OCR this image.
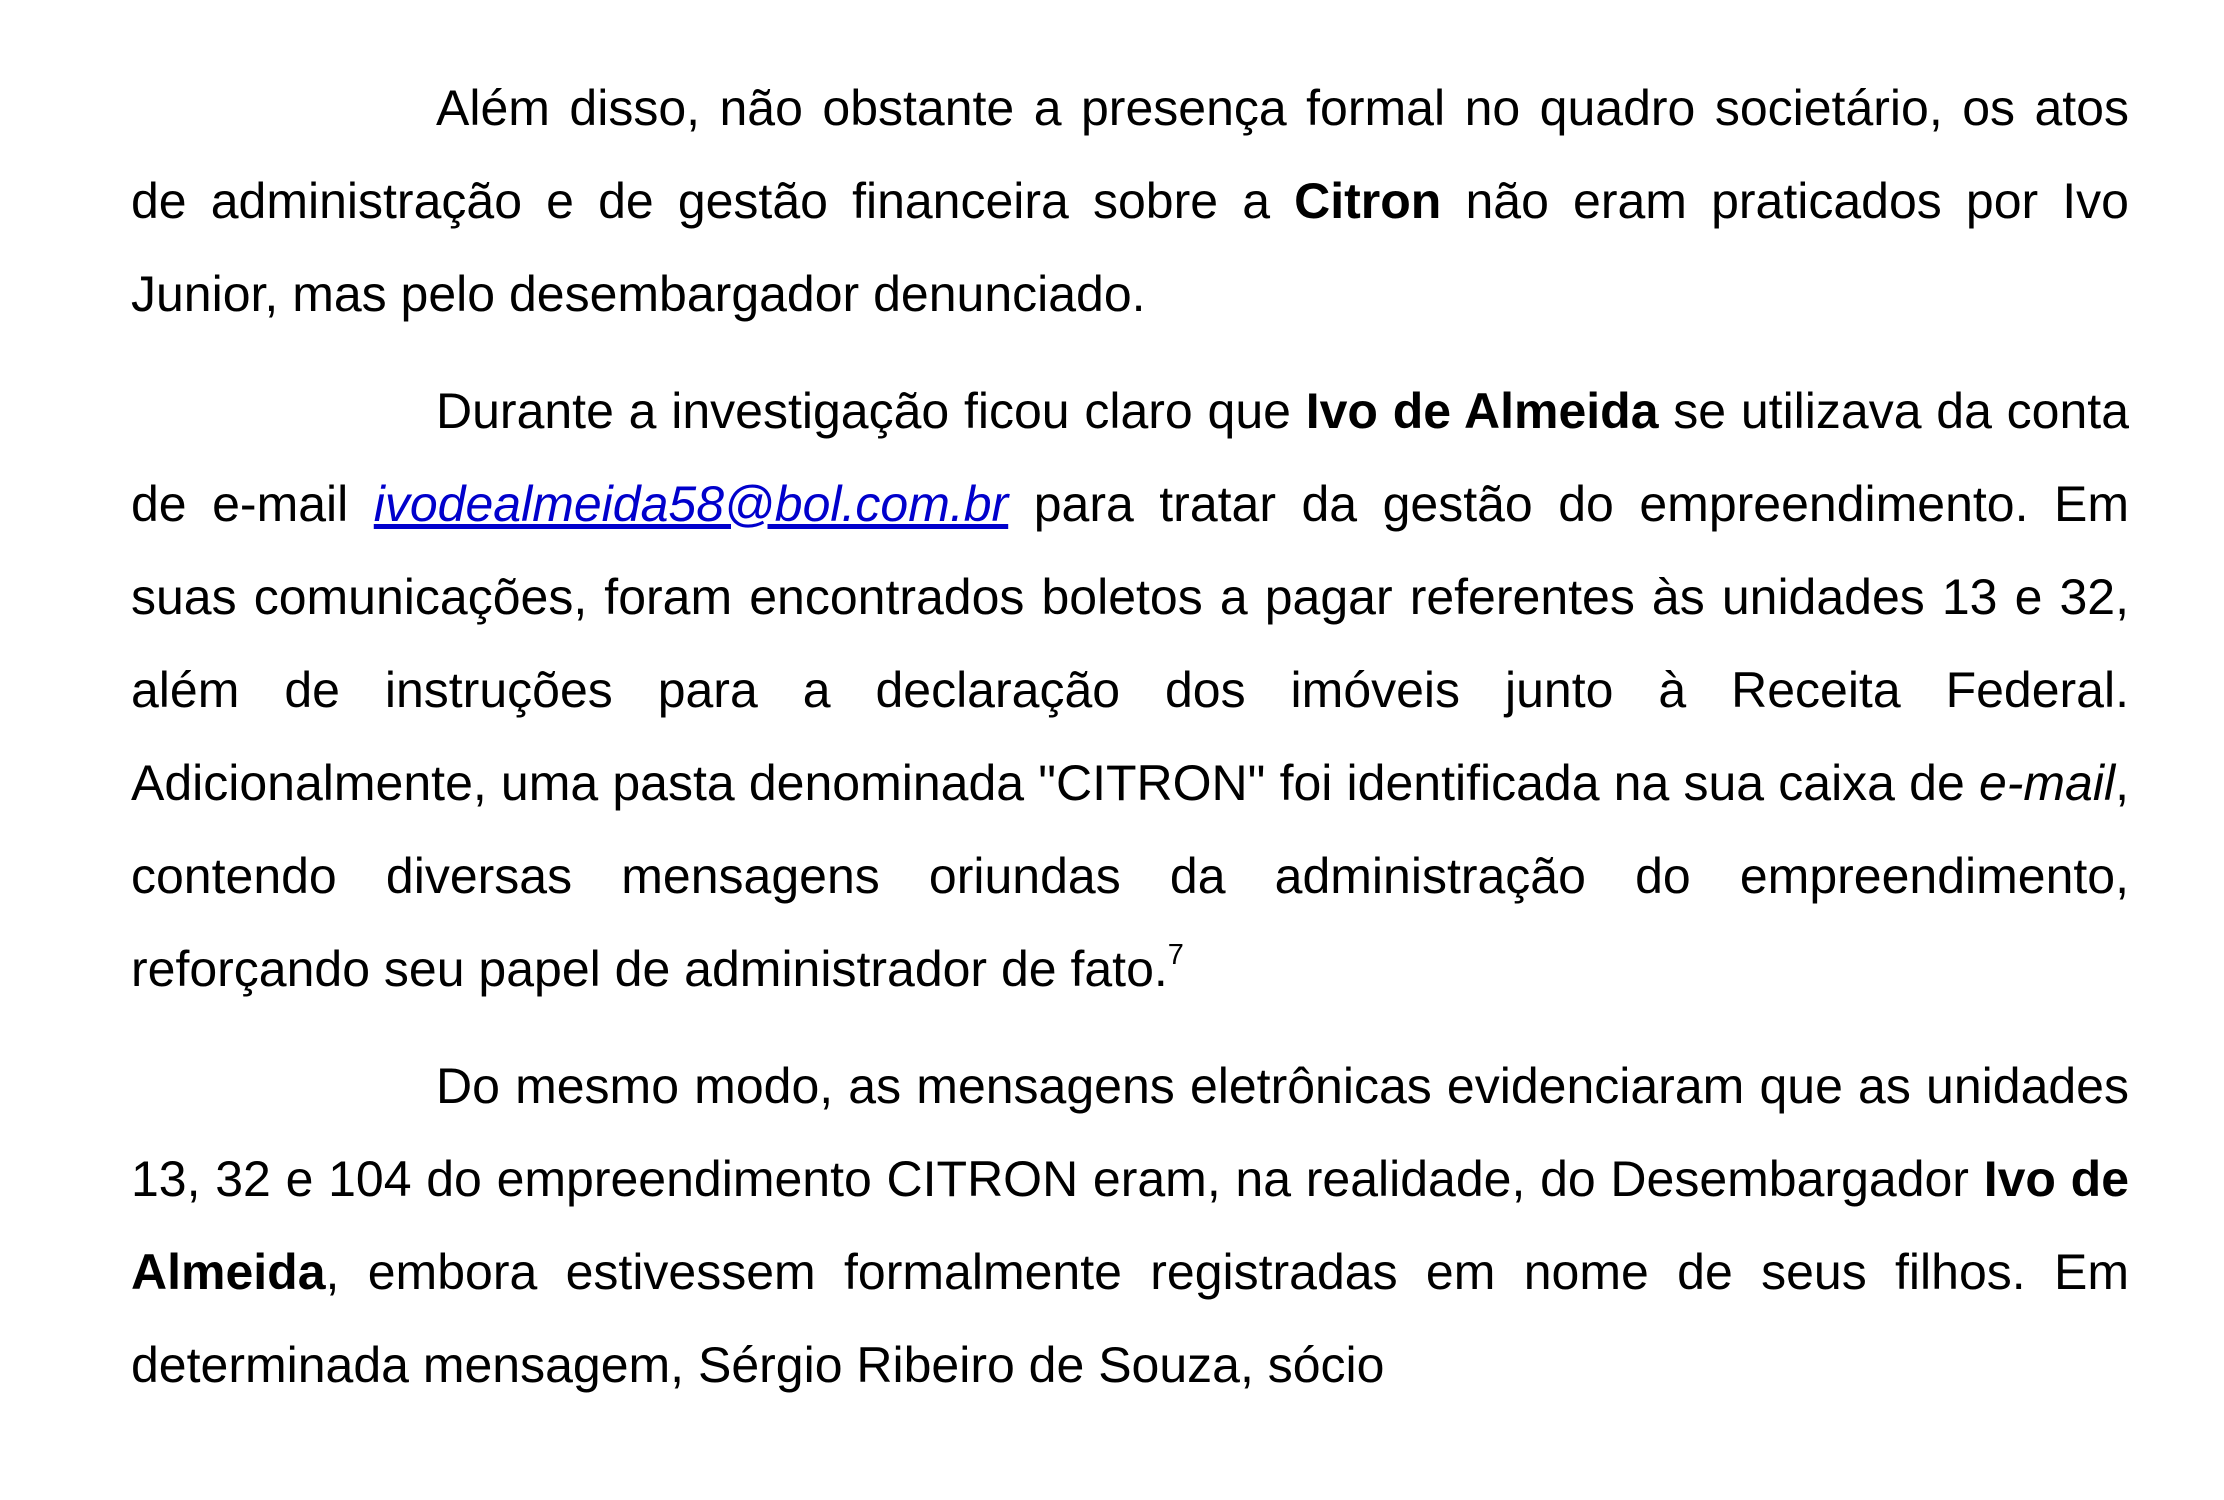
Além disso, não obstante a presença formal no quadro societário, os atos de administração e de gestão financeira sobre a Citron não eram praticados por Ivo Junior, mas pelo desembargador denunciado.

Durante a investigação ficou claro que Ivo de Almeida se utilizava da conta de e-mail ivodealmeida58@bol.com.br para tratar da gestão do empreendimento. Em suas comunicações, foram encontrados boletos a pagar referentes às unidades 13 e 32, além de instruções para a declaração dos imóveis junto à Receita Federal. Adicionalmente, uma pasta denominada "CITRON" foi identificada na sua caixa de e-mail, contendo diversas mensagens oriundas da administração do empreendimento, reforçando seu papel de administrador de fato.$^7$

Do mesmo modo, as mensagens eletrônicas evidenciaram que as unidades 13, 32 e 104 do empreendimento CITRON eram, na realidade, do Desembargador Ivo de Almeida, embora estivessem formalmente registradas em nome de seus filhos. Em determinada mensagem, Sérgio Ribeiro de Souza, sócio
